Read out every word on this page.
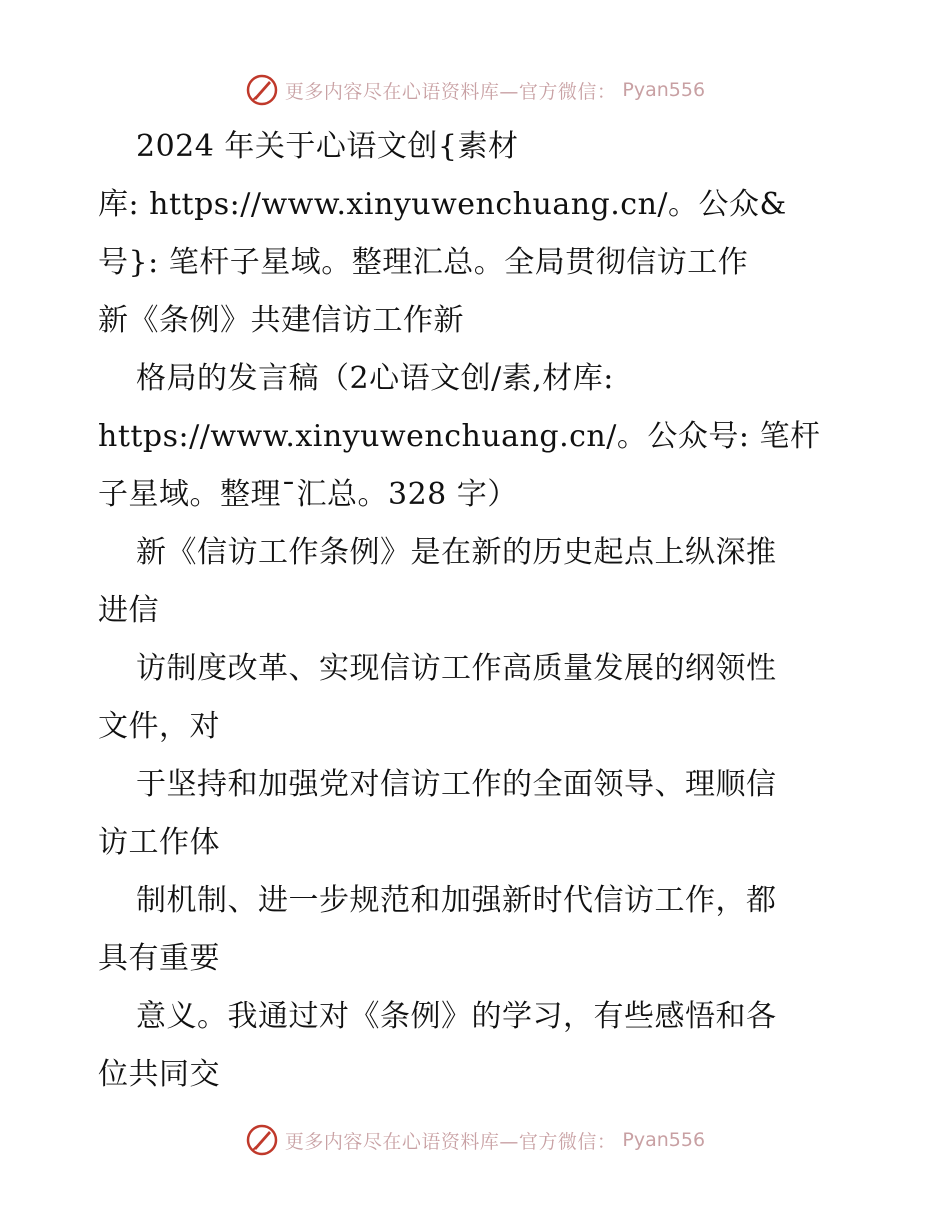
更多内容尽在心语资料库—官方微信： Pyan556
2024 年关于心语文创{素材
库: https://www.xinyuwenchuang.cn/。公众&
号}: 笔杆子星域。整理汇总。全局贯彻信访工作
新《条例》共建信访工作新
格局的发言稿（2心语文创/素,材库:
https://www.xinyuwenchuang.cn/。公众号: 笔杆
子星域。整理¯汇总。328 字）
新《信访工作条例》是在新的历史起点上纵深推
进信
访制度改革、实现信访工作高质量发展的纲领性
文件，对
于坚持和加强党对信访工作的全面领导、理顺信
访工作体
制机制、进一步规范和加强新时代信访工作，都
具有重要
意义。我通过对《条例》的学习，有些感悟和各
位共同交
更多内容尽在心语资料库—官方微信： Pyan556
